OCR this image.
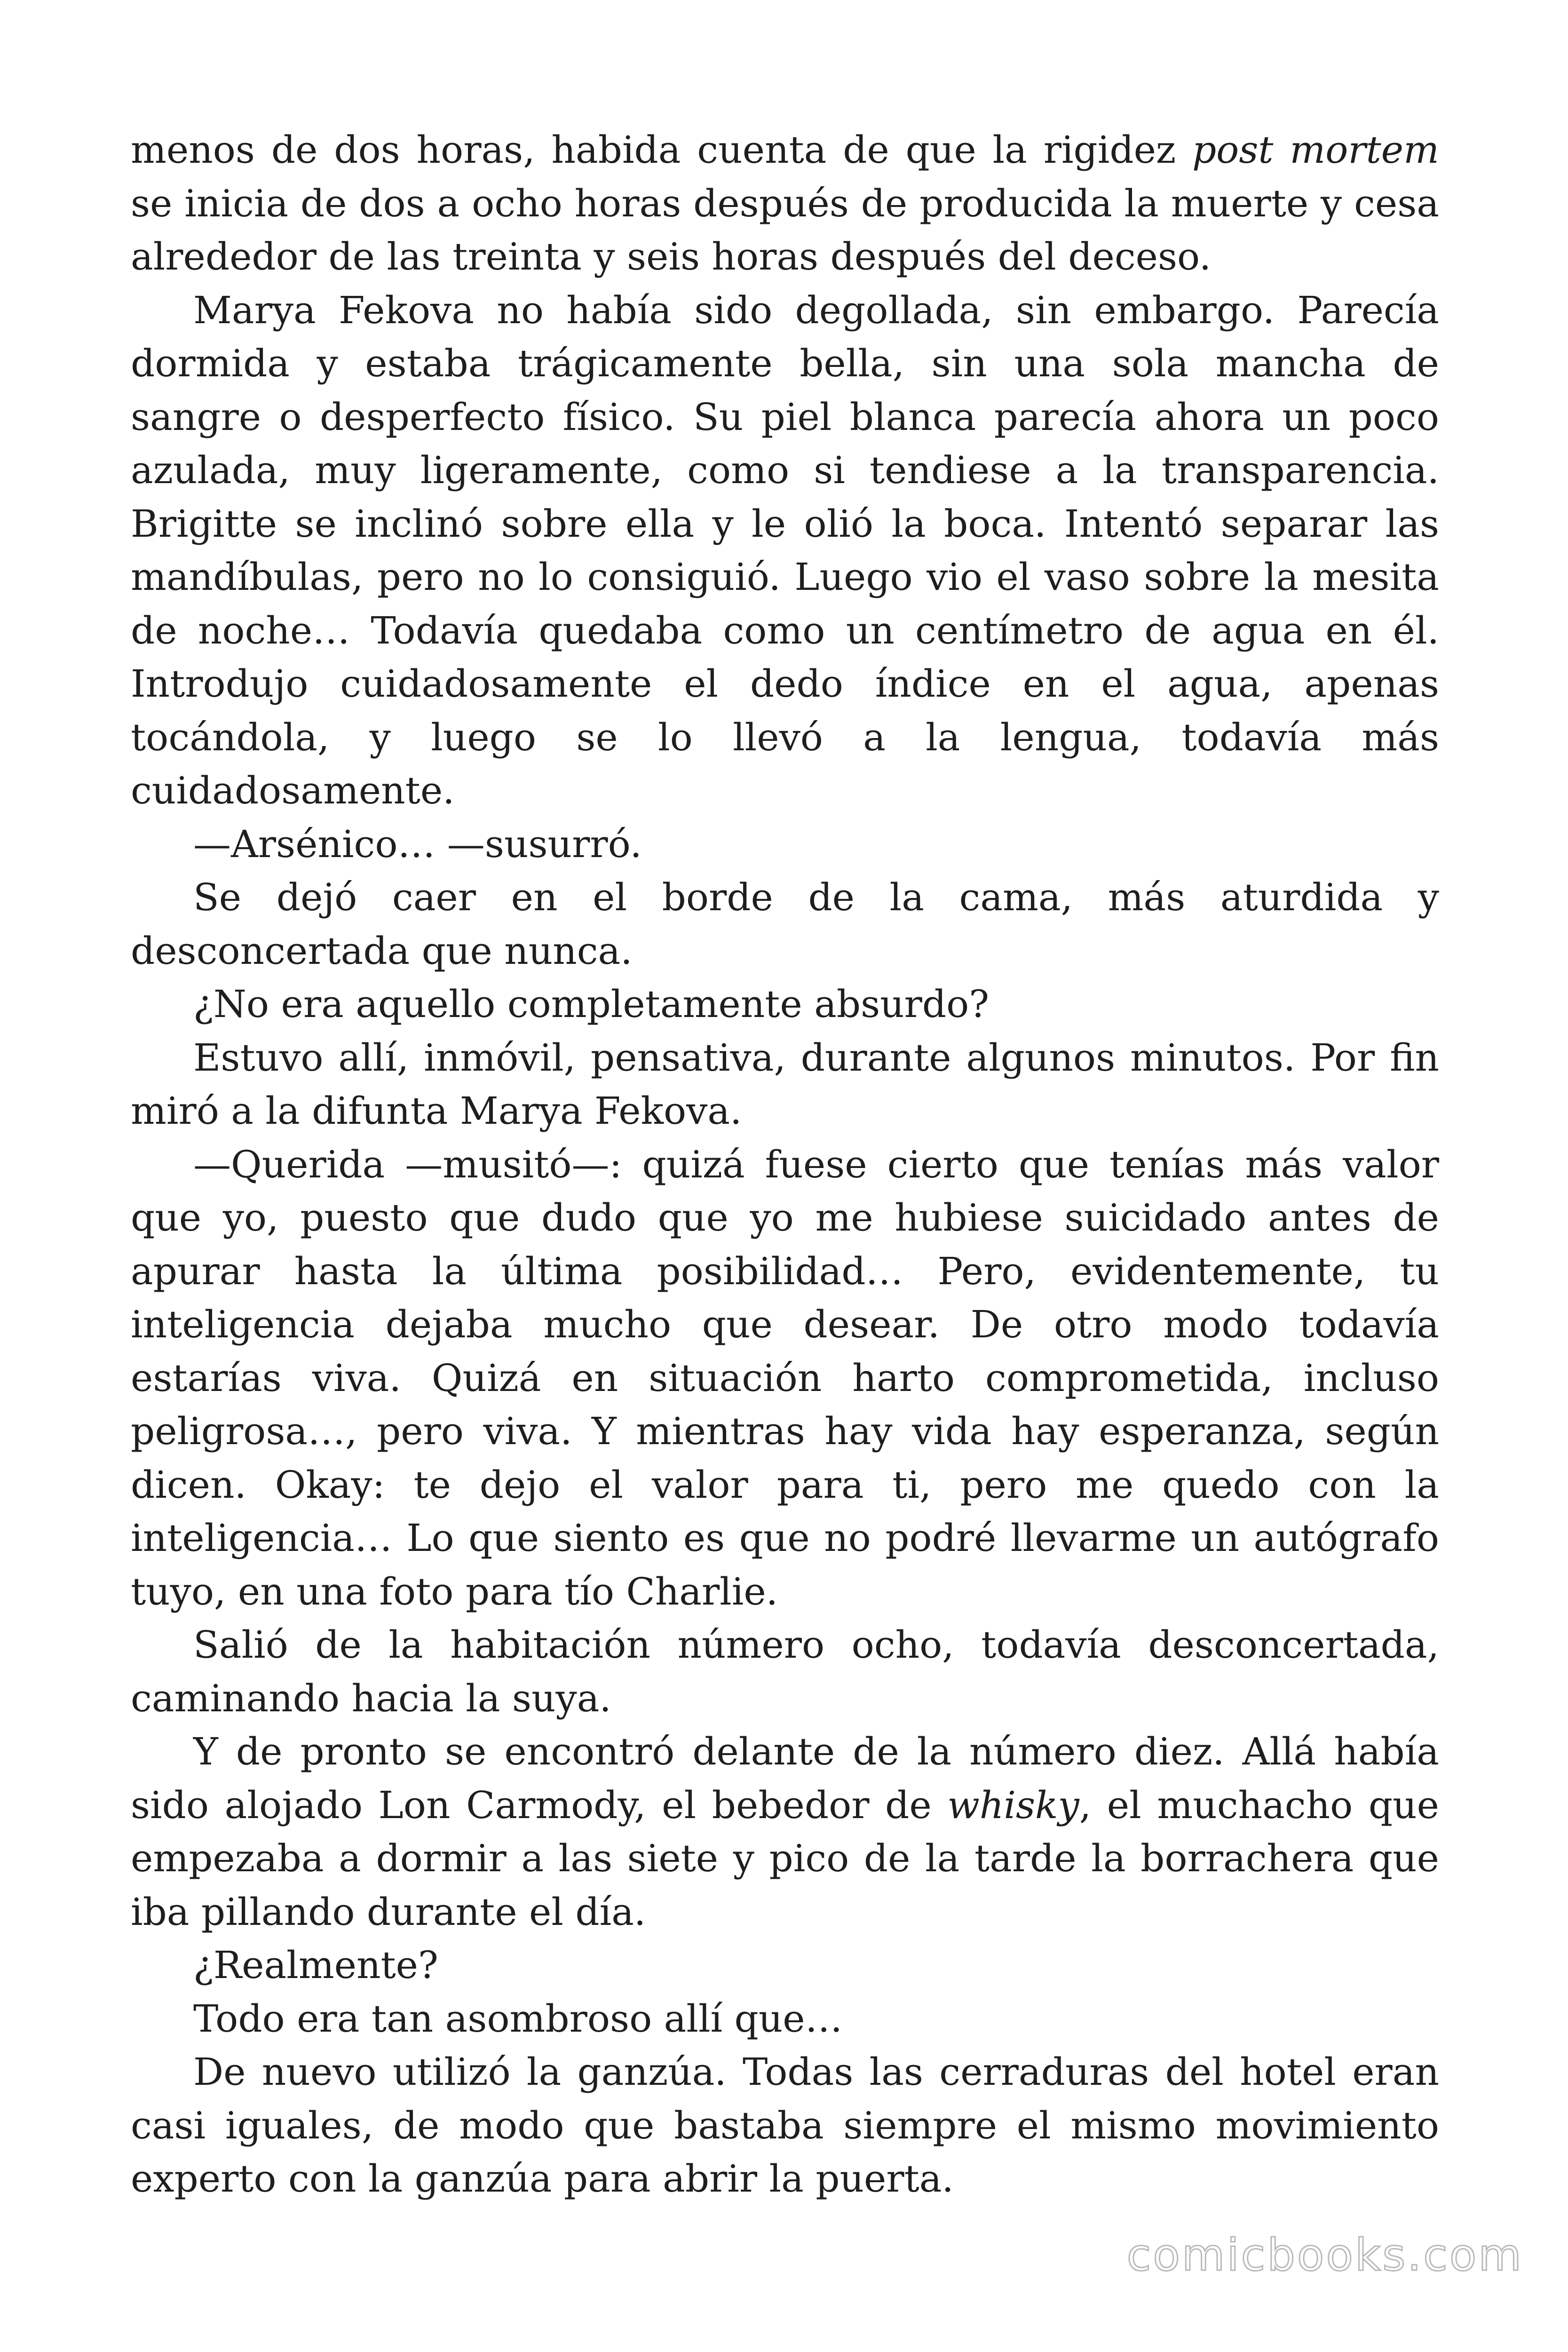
menos de dos horas, habida cuenta de que la rigidez post mortem se inicia de dos a ocho horas después de producida la muerte y cesa alrededor de las treinta y seis horas después del deceso.

Marya Fekova no había sido degollada, sin embargo. Parecía dormida y estaba trágicamente bella, sin una sola mancha de sangre o desperfecto físico. Su piel blanca parecía ahora un poco azulada, muy ligeramente, como si tendiese a la transparencia. Brigitte se inclinó sobre ella y le olió la boca. Intentó separar las mandíbulas, pero no lo consiguió. Luego vio el vaso sobre la mesita de noche… Todavía quedaba como un centímetro de agua en él. Introdujo cuidadosamente el dedo índice en el agua, apenas tocándola, y luego se lo llevó a la lengua, todavía más cuidadosamente.

—Arsénico… —susurró.

Se dejó caer en el borde de la cama, más aturdida y desconcertada que nunca.

¿No era aquello completamente absurdo?

Estuvo allí, inmóvil, pensativa, durante algunos minutos. Por fin miró a la difunta Marya Fekova.

—Querida —musitó—: quizá fuese cierto que tenías más valor que yo, puesto que dudo que yo me hubiese suicidado antes de apurar hasta la última posibilidad… Pero, evidentemente, tu inteligencia dejaba mucho que desear. De otro modo todavía estarías viva. Quizá en situación harto comprometida, incluso peligrosa…, pero viva. Y mientras hay vida hay esperanza, según dicen. Okay: te dejo el valor para ti, pero me quedo con la inteligencia… Lo que siento es que no podré llevarme un autógrafo tuyo, en una foto para tío Charlie.

Salió de la habitación número ocho, todavía desconcertada, caminando hacia la suya.

Y de pronto se encontró delante de la número diez. Allá había sido alojado Lon Carmody, el bebedor de whisky, el muchacho que empezaba a dormir a las siete y pico de la tarde la borrachera que iba pillando durante el día.

¿Realmente?

Todo era tan asombroso allí que…

De nuevo utilizó la ganzúa. Todas las cerraduras del hotel eran casi iguales, de modo que bastaba siempre el mismo movimiento experto con la ganzúa para abrir la puerta.

comicbooks.com
